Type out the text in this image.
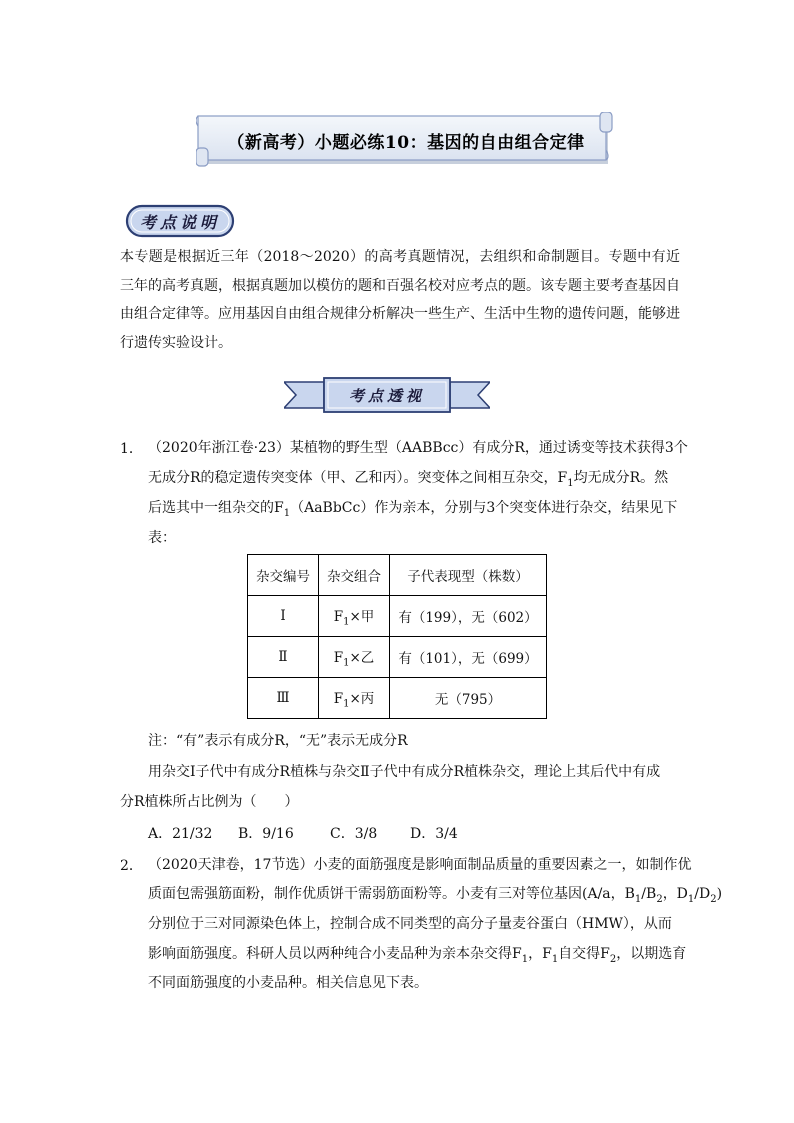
（新高考）小题必练10：基因的自由组合定律
考点说明
本专题是根据近三年（2018～2020）的高考真题情况，去组织和命制题目。专题中有近三年的高考真题，根据真题加以模仿的题和百强名校对应考点的题。该专题主要考查基因自由组合定律等。应用基因自由组合规律分析解决一些生产、生活中生物的遗传问题，能够进行遗传实验设计。
考点透视
1． （2020年浙江卷·23）某植物的野生型（AABBcc）有成分R，通过诱变等技术获得3个
无成分R的稳定遗传突变体（甲、乙和丙）。突变体之间相互杂交，$F_1$均无成分R。然
后选其中一组杂交的$F_1(AaBbCc)$作为亲本，分别与3个突变体进行杂交，结果见下
表：
杂交编号	杂交组合	子代表现型（株数）
Ⅰ	$F_1\times$甲	有（199），无（602）
Ⅱ	$F_1\times$乙	有（101），无（699）
Ⅲ	$F_1\times$丙	无（795）
注：“有”表示有成分R，“无”表示无成分R
用杂交Ⅰ子代中有成分R植株与杂交Ⅱ子代中有成分R植株杂交，理论上其后代中有成
分R植株所占比例为（　　）
A．21/32 B．9/16	C．3/8 D．3/4
2． （2020天津卷，17节选）小麦的面筋强度是影响面制品质量的重要因素之一，如制作优
质面包需强筋面粉，制作优质饼干需弱筋面粉等。小麦有三对等位基因(A/a，$B_1/B_2$，$D_1/D_2$)
分别位于三对同源染色体上，控制合成不同类型的高分子量麦谷蛋白（HMW），从而
影响面筋强度。科研人员以两种纯合小麦品种为亲本杂交得$F_1$，$F_1$自交得$F_2$，以期选育
不同面筋强度的小麦品种。相关信息见下表。
